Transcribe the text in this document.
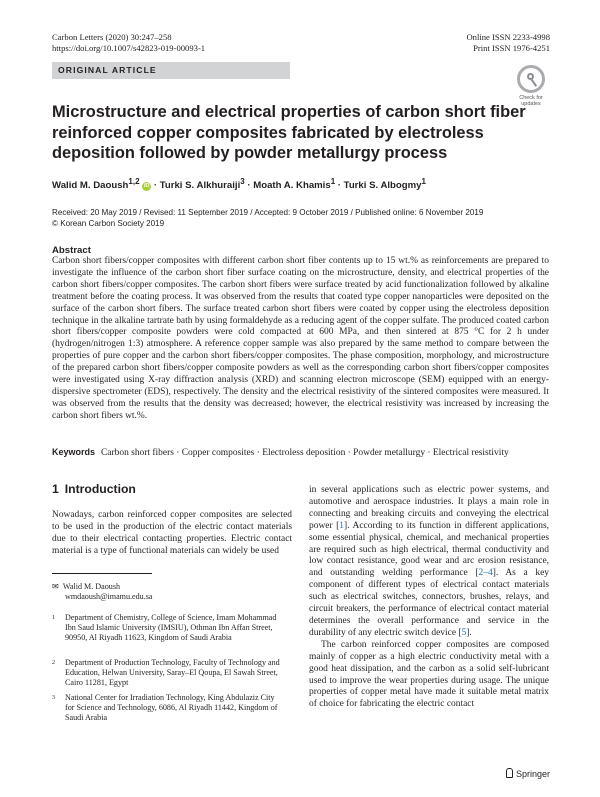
Carbon Letters (2020) 30:247–258
https://doi.org/10.1007/s42823-019-00093-1
Online ISSN 2233-4998
Print ISSN 1976-4251
ORIGINAL ARTICLE
Check for
updates
Microstructure and electrical properties of carbon short fiber reinforced copper composites fabricated by electroless deposition followed by powder metallurgy process
Walid M. Daoush$^{1,2}$ iD · Turki S. Alkhuraiji$^3$ · Moath A. Khamis$^1$ · Turki S. Albogmy$^1$
Received: 20 May 2019 / Revised: 11 September 2019 / Accepted: 9 October 2019 / Published online: 6 November 2019
© Korean Carbon Society 2019
Abstract
Carbon short fibers/copper composites with different carbon short fiber contents up to 15 wt.% as reinforcements are prepared to investigate the influence of the carbon short fiber surface coating on the microstructure, density, and electrical properties of the carbon short fibers/copper composites. The carbon short fibers were surface treated by acid functionalization followed by alkaline treatment before the coating process. It was observed from the results that coated type copper nanoparticles were deposited on the surface of the carbon short fibers. The surface treated carbon short fibers were coated by copper using the electroless deposition technique in the alkaline tartrate bath by using formaldehyde as a reducing agent of the copper sulfate. The produced coated carbon short fibers/copper composite powders were cold compacted at 600 MPa, and then sintered at 875 °C for 2 h under (hydrogen/nitrogen 1:3) atmosphere. A reference copper sample was also prepared by the same method to compare between the properties of pure copper and the carbon short fibers/copper composites. The phase composition, morphology, and microstructure of the prepared carbon short fibers/copper composite powders as well as the corresponding carbon short fibers/copper composites were investigated using X-ray diffraction analysis (XRD) and scanning electron microscope (SEM) equipped with an energy-dispersive spectrometer (EDS), respectively. The density and the electrical resistivity of the sintered composites were measured. It was observed from the results that the density was decreased; however, the electrical resistivity was increased by increasing the carbon short fibers wt.%.
Keywords Carbon short fibers · Copper composites · Electroless deposition · Powder metallurgy · Electrical resistivity
1 Introduction

Nowadays, carbon reinforced copper composites are selected to be used in the production of the electric contact materials due to their electrical contacting properties. Electric contact material is a type of functional materials can widely be used

in several applications such as electric power systems, and automotive and aerospace industries. It plays a main role in connecting and breaking circuits and conveying the electrical power [1]. According to its function in different applications, some essential physical, chemical, and mechanical properties are required such as high electrical, thermal conductivity and low contact resistance, good wear and arc erosion resistance, and outstanding welding performance [2–4]. As a key component of different types of electrical contact materials such as electrical switches, connectors, brushes, relays, and circuit breakers, the performance of electrical contact material determines the overall performance and service in the durability of any electric switch device [5].

The carbon reinforced copper composites are composed mainly of copper as a high electric conductivity metal with a good heat dissipation, and the carbon as a solid self-lubricant used to improve the wear properties during usage. The unique properties of copper metal have made it suitable metal matrix of choice for fabricating the electric contact

✉ Walid M. Daoush
wmdaoush@imamu.edu.sa
1	Department of Chemistry, College of Science, Imam Mohammad Ibn Saud Islamic University (IMSIU), Othman Ibn Affan Street, 90950, Al Riyadh 11623, Kingdom of Saudi Arabia
2	Department of Production Technology, Faculty of Technology and Education, Helwan University, Saray–El Qoupa, El Sawah Street, Cairo 11281, Egypt
3	National Center for Irradiation Technology, King Abdulaziz City for Science and Technology, 6086, Al Riyadh 11442, Kingdom of Saudi Arabia
Springer
